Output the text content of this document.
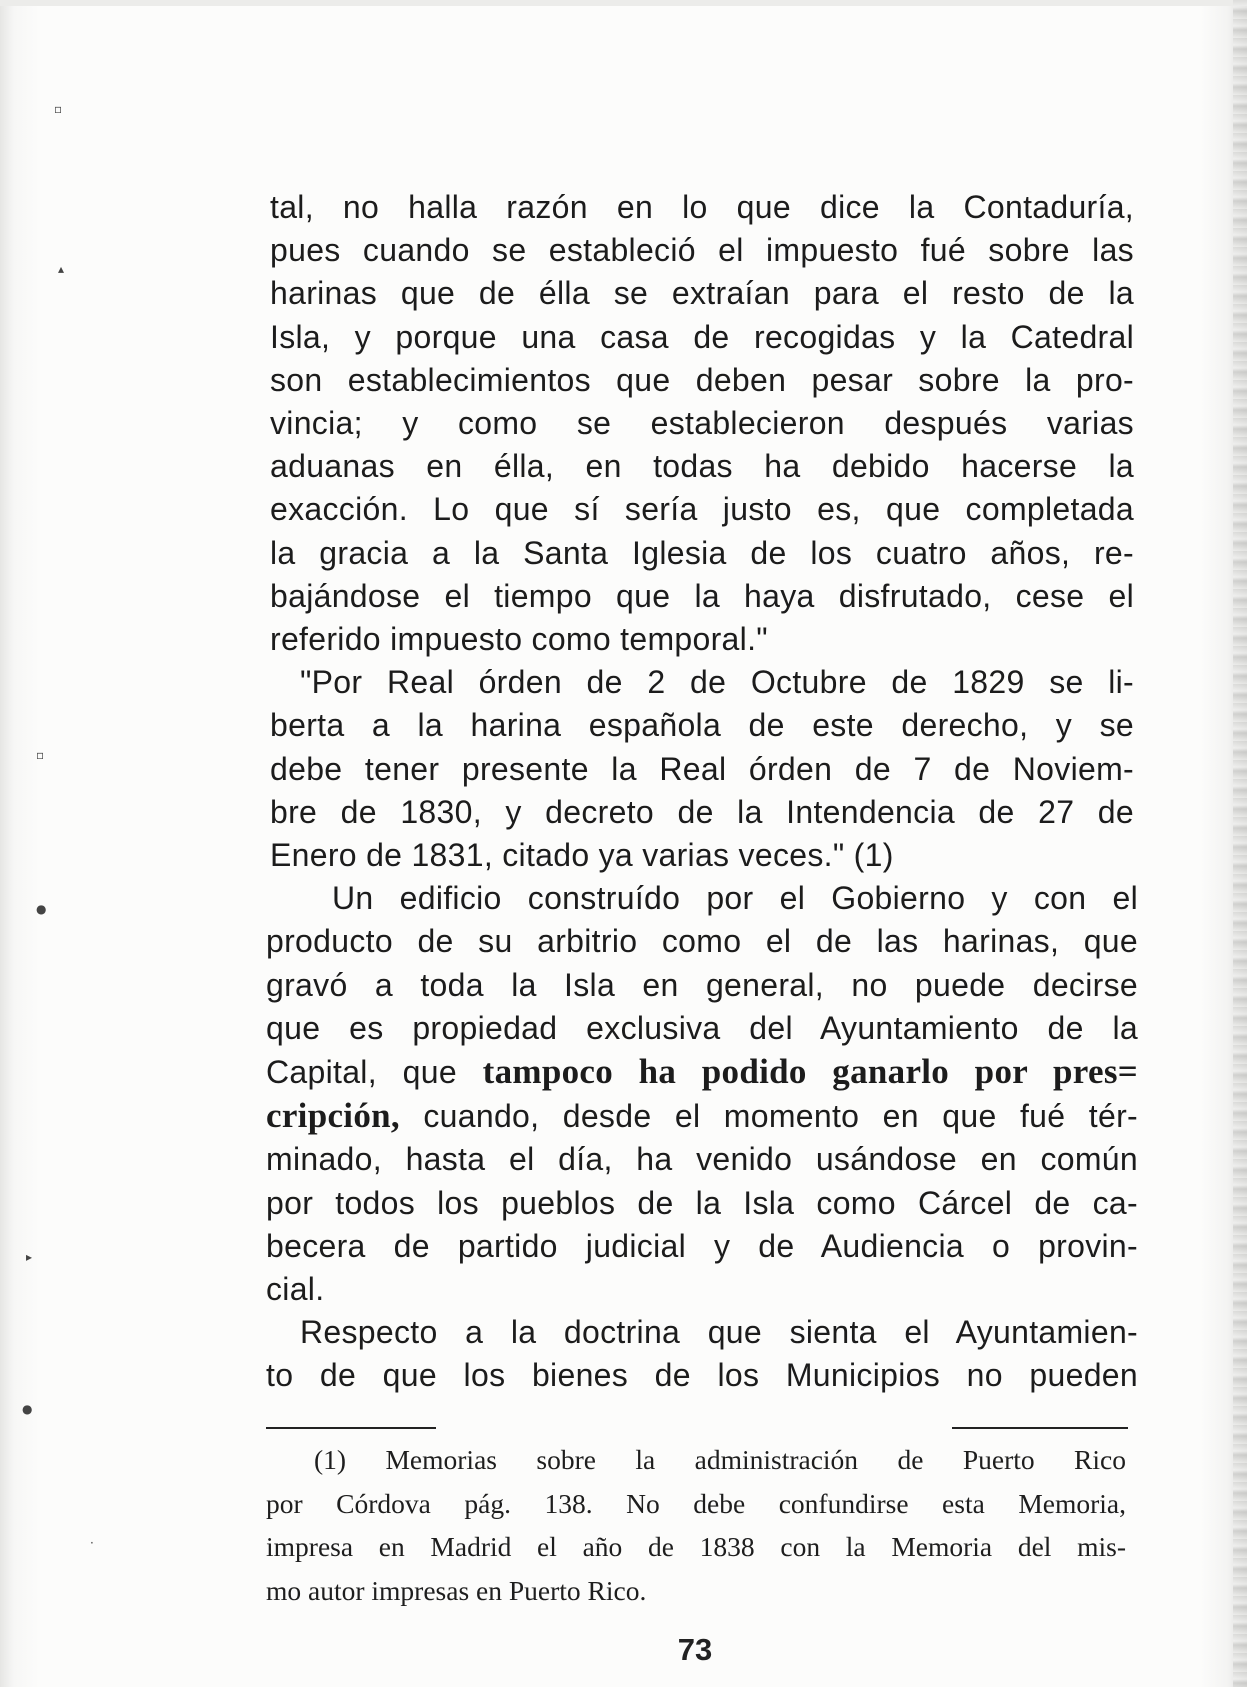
▫
▴
▫
●
▸
●
·

tal, no halla razón en lo que dice la Contaduría,
pues cuando se estableció el impuesto fué sobre las
harinas que de élla se extraían para el resto de la
Isla, y porque una casa de recogidas y la Catedral
son establecimientos que deben pesar sobre la pro-
vincia; y como se establecieron después varias
aduanas en élla, en todas ha debido hacerse la
exacción. Lo que sí sería justo es, que completada
la gracia a la Santa Iglesia de los cuatro años, re-
bajándose el tiempo que la haya disfrutado, cese el
referido impuesto como temporal."

"Por Real órden de 2 de Octubre de 1829 se li-
berta a la harina española de este derecho, y se
debe tener presente la Real órden de 7 de Noviem-
bre de 1830, y decreto de la Intendencia de 27 de
Enero de 1831, citado ya varias veces." (1)

Un edificio construído por el Gobierno y con el
producto de su arbitrio como el de las harinas, que
gravó a toda la Isla en general, no puede decirse
que es propiedad exclusiva del Ayuntamiento de la
Capital, que tampoco ha podido ganarlo por pres=
cripción, cuando, desde el momento en que fué tér-
minado, hasta el día, ha venido usándose en común
por todos los pueblos de la Isla como Cárcel de ca-
becera de partido judicial y de Audiencia o provin-
cial.

Respecto a la doctrina que sienta el Ayuntamien-
to de que los bienes de los Municipios no pueden

(1) Memorias sobre la administración de Puerto Rico
por Córdova pág. 138. No debe confundirse esta Memoria,
impresa en Madrid el año de 1838 con la Memoria del mis-
mo autor impresas en Puerto Rico.
73
